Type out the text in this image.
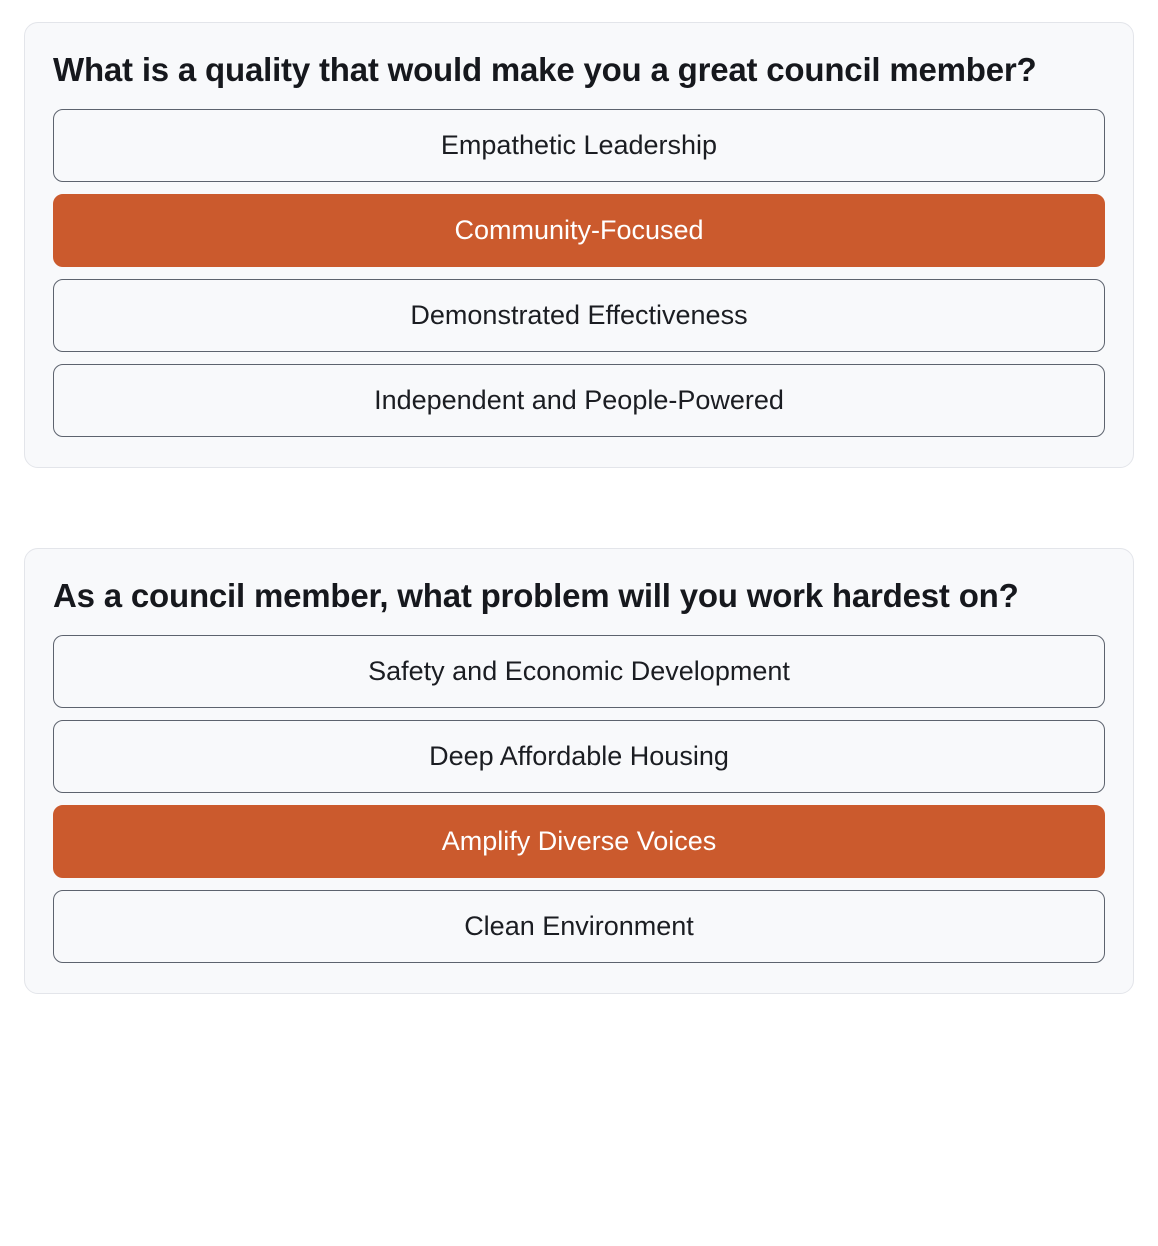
What is a quality that would make you a great council member?
Empathetic Leadership
Community-Focused
Demonstrated Effectiveness
Independent and People-Powered
As a council member, what problem will you work hardest on?
Safety and Economic Development
Deep Affordable Housing
Amplify Diverse Voices
Clean Environment
